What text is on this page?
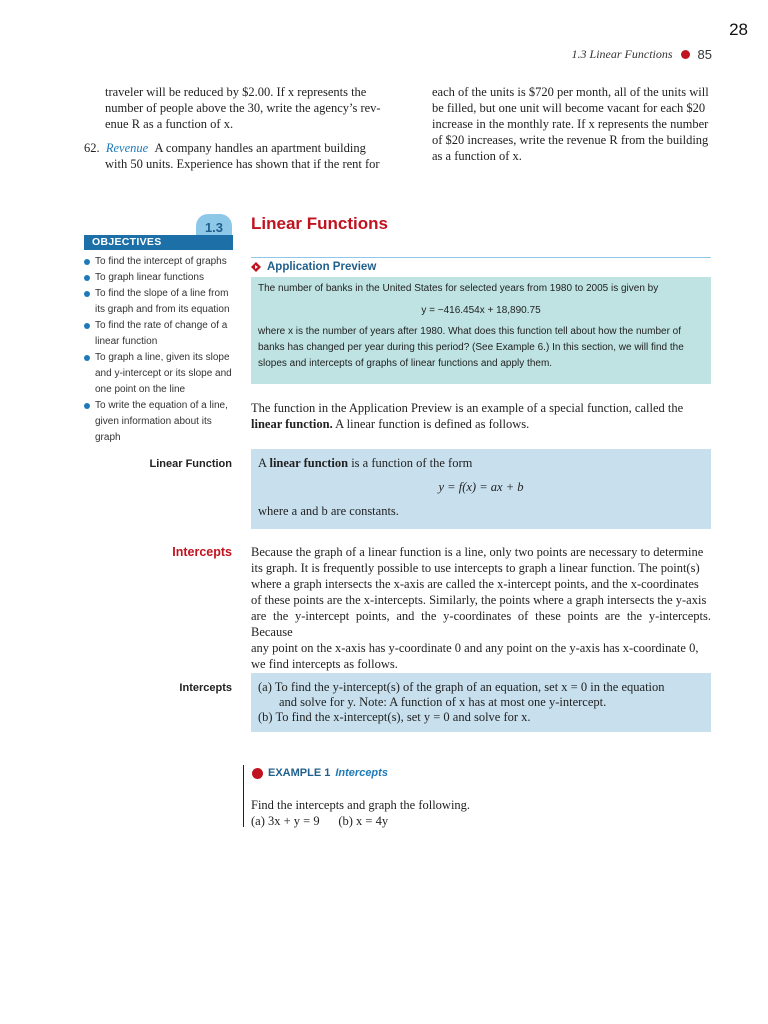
28
1.3 Linear Functions 85
traveler will be reduced by $2.00. If x represents the
number of people above the 30, write the agency’s rev-
enue R as a function of x.
62. Revenue A company handles an apartment building
with 50 units. Experience has shown that if the rent for
each of the units is $720 per month, all of the units will
be filled, but one unit will become vacant for each $20
increase in the monthly rate. If x represents the number
of $20 increases, write the revenue R from the building
as a function of x.
1.3
OBJECTIVES
Linear Functions
To find the intercept of graphs
To graph linear functions
To find the slope of a line from its graph and from its equation
To find the rate of change of a linear function
To graph a line, given its slope and y-intercept or its slope and one point on the line
To write the equation of a line, given information about its graph
Application Preview
The number of banks in the United States for selected years from 1980 to 2005 is given by
y = −416.454x + 18,890.75
where x is the number of years after 1980. What does this function tell about how the number of
banks has changed per year during this period? (See Example 6.) In this section, we will find the
slopes and intercepts of graphs of linear functions and apply them.
The function in the Application Preview is an example of a special function, called the
linear function. A linear function is defined as follows.
Linear Function A linear function is a function of the form
y = f(x) = ax + b
where a and b are constants.
Intercepts Because the graph of a linear function is a line, only two points are necessary to determine
its graph. It is frequently possible to use intercepts to graph a linear function. The point(s)
where a graph intersects the x-axis are called the x-intercept points, and the x-coordinates
of these points are the x-intercepts. Similarly, the points where a graph intersects the y-axis
are the y-intercept points, and the y-coordinates of these points are the y-intercepts. Because
any point on the x-axis has y-coordinate 0 and any point on the y-axis has x-coordinate 0,
we find intercepts as follows.
Intercepts (a) To find the y-intercept(s) of the graph of an equation, set x = 0 in the equation
and solve for y. Note: A function of x has at most one y-intercept.
(b) To find the x-intercept(s), set y = 0 and solve for x.
EXAMPLE 1 Intercepts
Find the intercepts and graph the following.
(a) 3x + y = 9 (b) x = 4y
